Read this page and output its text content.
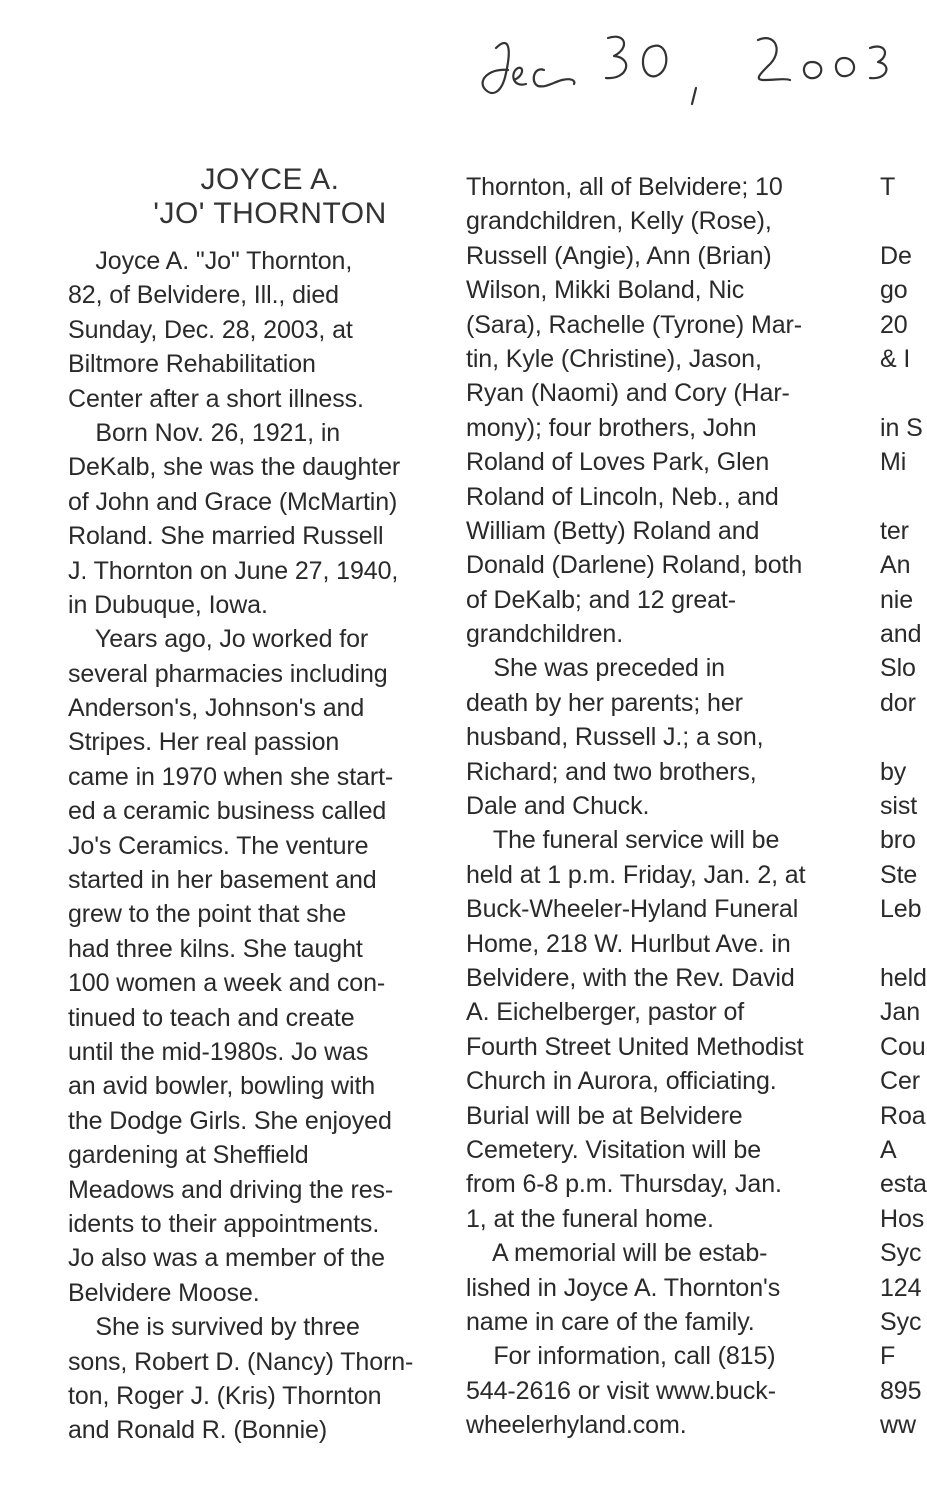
JOYCE A.
'JO' THORNTON
Joyce A. "Jo" Thornton,
82, of Belvidere, Ill., died
Sunday, Dec. 28, 2003, at
Biltmore Rehabilitation
Center after a short illness.
Born Nov. 26, 1921, in
DeKalb, she was the daughter
of John and Grace (McMartin)
Roland. She married Russell
J. Thornton on June 27, 1940,
in Dubuque, Iowa.
Years ago, Jo worked for
several pharmacies including
Anderson's, Johnson's and
Stripes. Her real passion
came in 1970 when she start-
ed a ceramic business called
Jo's Ceramics. The venture
started in her basement and
grew to the point that she
had three kilns. She taught
100 women a week and con-
tinued to teach and create
until the mid-1980s. Jo was
an avid bowler, bowling with
the Dodge Girls. She enjoyed
gardening at Sheffield
Meadows and driving the res-
idents to their appointments.
Jo also was a member of the
Belvidere Moose.
She is survived by three
sons, Robert D. (Nancy) Thorn-
ton, Roger J. (Kris) Thornton
and Ronald R. (Bonnie)
Thornton, all of Belvidere; 10
grandchildren, Kelly (Rose),
Russell (Angie), Ann (Brian)
Wilson, Mikki Boland, Nic
(Sara), Rachelle (Tyrone) Mar-
tin, Kyle (Christine), Jason,
Ryan (Naomi) and Cory (Har-
mony); four brothers, John
Roland of Loves Park, Glen
Roland of Lincoln, Neb., and
William (Betty) Roland and
Donald (Darlene) Roland, both
of DeKalb; and 12 great-
grandchildren.
She was preceded in
death by her parents; her
husband, Russell J.; a son,
Richard; and two brothers,
Dale and Chuck.
The funeral service will be
held at 1 p.m. Friday, Jan. 2, at
Buck-Wheeler-Hyland Funeral
Home, 218 W. Hurlbut Ave. in
Belvidere, with the Rev. David
A. Eichelberger, pastor of
Fourth Street United Methodist
Church in Aurora, officiating.
Burial will be at Belvidere
Cemetery. Visitation will be
from 6-8 p.m. Thursday, Jan.
1, at the funeral home.
A memorial will be estab-
lished in Joyce A. Thornton's
name in care of the family.
For information, call (815)
544-2616 or visit www.buck-
wheelerhyland.com.
T
De
go
20
& I
in S
Mi
ter
An
nie
and
Slo
dor
by
sist
bro
Ste
Leb
held
Jan
Cou
Cer
Roa
A
esta
Hos
Syc
124
Syc
F
895
ww
